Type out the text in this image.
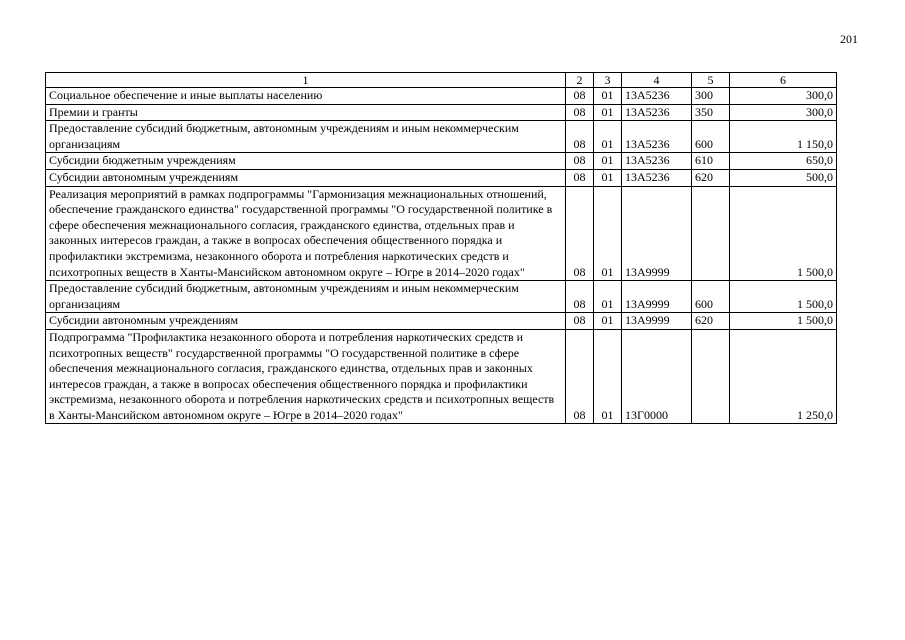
201
1	2	3	4	5	6
Социальное обеспечение и иные выплаты населению	08	01	13А5236	300	300,0
Премии и гранты	08	01	13А5236	350	300,0
Предоставление субсидий бюджетным, автономным учреждениям и иным некоммерческим организациям	08	01	13А5236	600	1 150,0
Субсидии бюджетным учреждениям	08	01	13А5236	610	650,0
Субсидии автономным учреждениям	08	01	13А5236	620	500,0
Реализация мероприятий в рамках подпрограммы "Гармонизация межнациональных отношений, обеспечение гражданского единства" государственной программы "О государственной политике в сфере обеспечения межнационального согласия, гражданского единства, отдельных прав и законных интересов граждан, а также в вопросах обеспечения общественного порядка и профилактики экстремизма, незаконного оборота и потребления наркотических средств и психотропных веществ в Ханты-Мансийском автономном округе – Югре в 2014–2020 годах"	08	01	13А9999		1 500,0
Предоставление субсидий бюджетным, автономным учреждениям и иным некоммерческим организациям	08	01	13А9999	600	1 500,0
Субсидии автономным учреждениям	08	01	13А9999	620	1 500,0
Подпрограмма "Профилактика незаконного оборота и потребления наркотических средств и психотропных веществ" государственной программы "О государственной политике в сфере обеспечения межнационального согласия, гражданского единства, отдельных прав и законных интересов граждан, а также в вопросах обеспечения общественного порядка и профилактики экстремизма, незаконного оборота и потребления наркотических средств и психотропных веществ в Ханты-Мансийском автономном округе – Югре в 2014–2020 годах"	08	01	13Г0000		1 250,0
